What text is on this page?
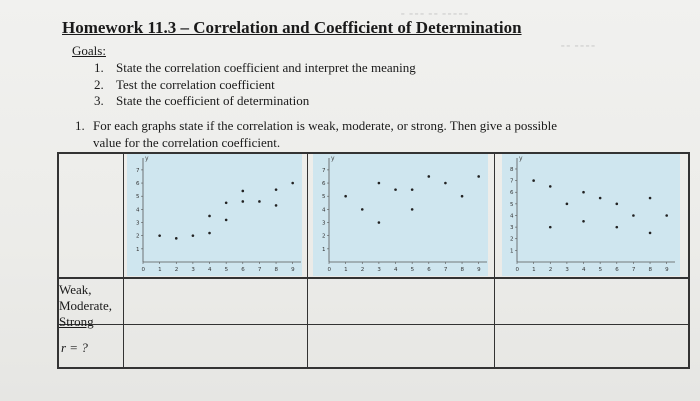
Homework 11.3 – Correlation and Coefficient of Determination
Goals:
1. State the correlation coefficient and interpret the meaning
2. Test the correlation coefficient
3. State the coefficient of determination
1. For each graphs state if the correlation is weak, moderate, or strong. Then give a possible
value for the correlation coefficient.
⁃ ⁃⁃⁃ ⁃⁃ ⁃⁃⁃⁃⁃
⁃⁃ ⁃⁃⁃⁃
y
0 1 2 3 4 5 6 7 8 9
1
2
3
4
5
6
7
y
0 1 2 3 4 5 6 7 8 9
1
2
3
4
5
6
7
y
0 1 2 3 4 5 6 7 8 9
1
2
3
4
5
6
7
8
Weak,
Moderate,
Strong
r = ?
